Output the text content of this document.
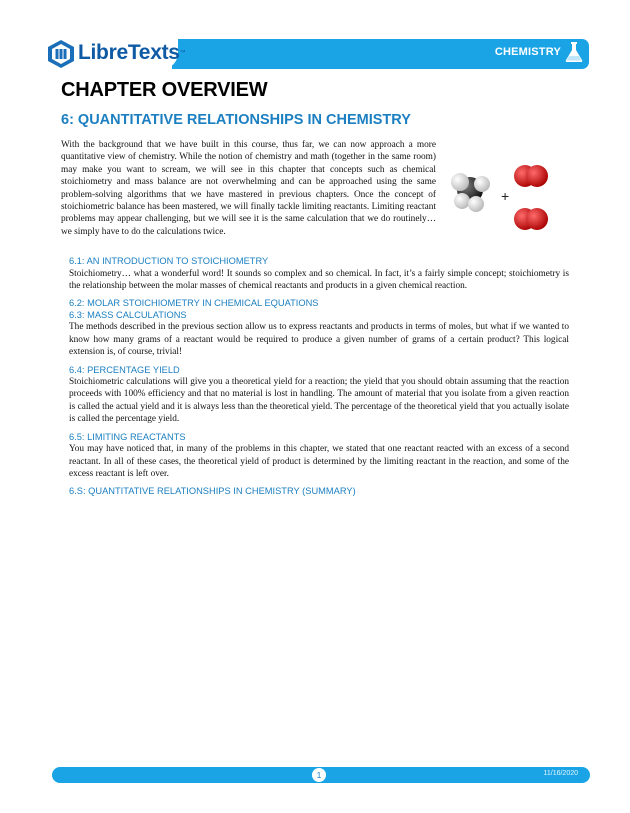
LibreTexts™	CHEMISTRY
CHAPTER OVERVIEW
6: QUANTITATIVE RELATIONSHIPS IN CHEMISTRY

With the background that we have built in this course, thus far, we can now approach a more quantitative view of chemistry. While the notion of chemistry and math (together in the same room) may make you want to scream, we will see in this chapter that concepts such as chemical stoichiometry and mass balance are not overwhelming and can be approached using the same problem-solving algorithms that we have mastered in previous chapters. Once the concept of stoichiometric balance has been mastered, we will finally tackle limiting reactants. Limiting reactant problems may appear challenging, but we will see it is the same calculation that we do routinely… we simply have to do the calculations twice.

+

6.1: AN INTRODUCTION TO STOICHIOMETRY

Stoichiometry… what a wonderful word! It sounds so complex and so chemical. In fact, it’s a fairly simple concept; stoichiometry is the relationship between the molar masses of chemical reactants and products in a given chemical reaction.

6.2: MOLAR STOICHIOMETRY IN CHEMICAL EQUATIONS

6.3: MASS CALCULATIONS

The methods described in the previous section allow us to express reactants and products in terms of moles, but what if we wanted to know how many grams of a reactant would be required to produce a given number of grams of a certain product? This logical extension is, of course, trivial!

6.4: PERCENTAGE YIELD

Stoichiometric calculations will give you a theoretical yield for a reaction; the yield that you should obtain assuming that the reaction proceeds with 100% efficiency and that no material is lost in handling. The amount of material that you isolate from a given reaction is called the actual yield and it is always less than the theoretical yield. The percentage of the theoretical yield that you actually isolate is called the percentage yield.

6.5: LIMITING REACTANTS

You may have noticed that, in many of the problems in this chapter, we stated that one reactant reacted with an excess of a second reactant. In all of these cases, the theoretical yield of product is determined by the limiting reactant in the reaction, and some of the excess reactant is left over.

6.S: QUANTITATIVE RELATIONSHIPS IN CHEMISTRY (SUMMARY)

1	11/16/2020
